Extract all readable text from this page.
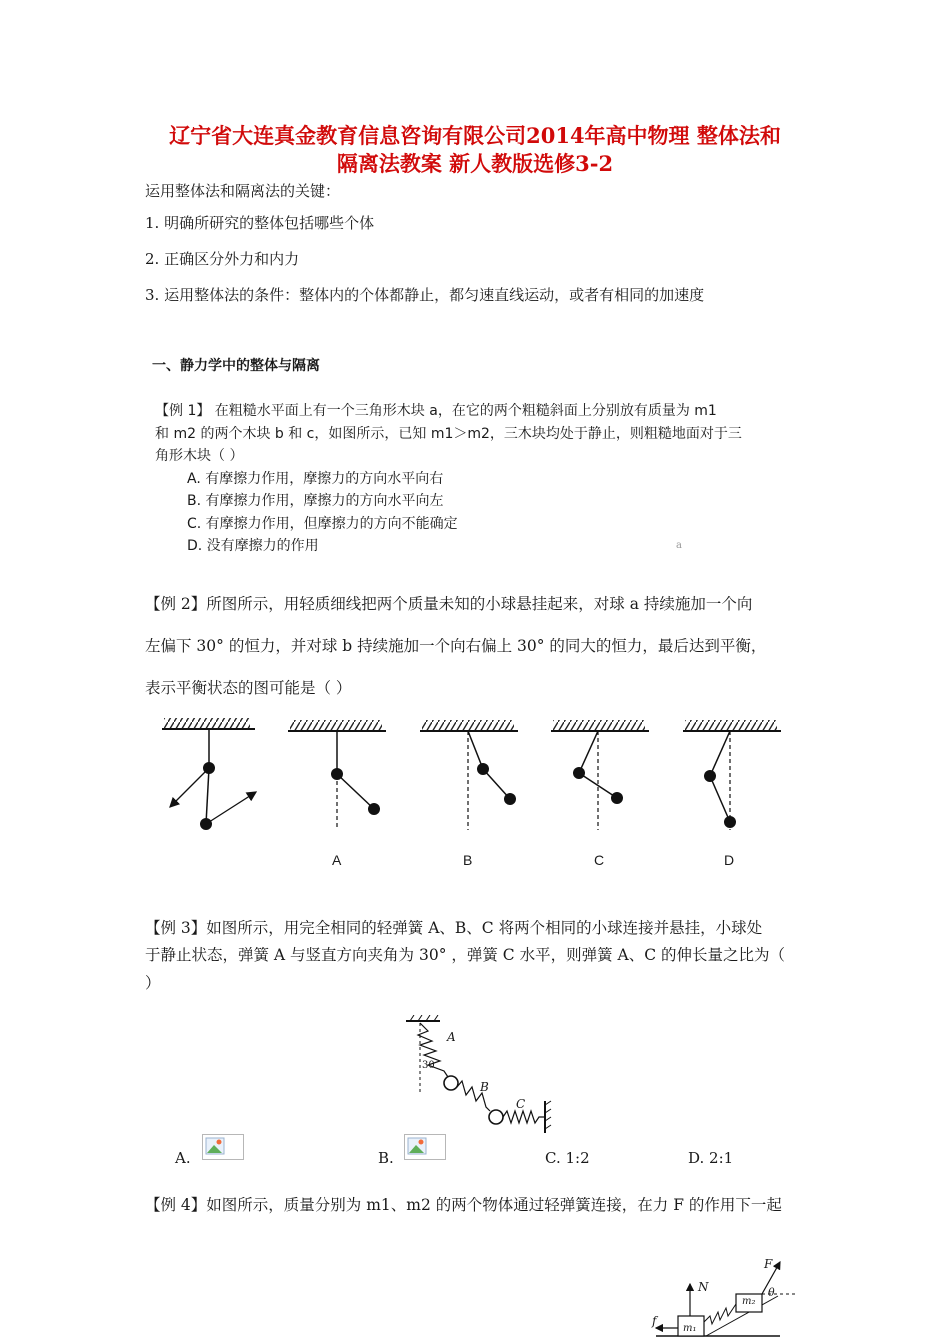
辽宁省大连真金教育信息咨询有限公司2014年高中物理 整体法和
隔离法教案 新人教版选修3-2
运用整体法和隔离法的关键：
1. 明确所研究的整体包括哪些个体
2. 正确区分外力和内力
3. 运用整体法的条件：整体内的个体都静止，都匀速直线运动，或者有相同的加速度
一、静力学中的整体与隔离
【例 1】 在粗糙水平面上有一个三角形木块 a，在它的两个粗糙斜面上分别放有质量为 m1
和 m2 的两个木块 b 和 c，如图所示，已知 m1＞m2，三木块均处于静止，则粗糙地面对于三
角形木块（ ）
A. 有摩擦力作用，摩擦力的方向水平向右
B. 有摩擦力作用，摩擦力的方向水平向左
C. 有摩擦力作用，但摩擦力的方向不能确定
D. 没有摩擦力的作用	a
【例 2】所图所示，用轻质细线把两个质量未知的小球悬挂起来，对球 a 持续施加一个向
左偏下 30° 的恒力，并对球 b 持续施加一个向右偏上 30° 的同大的恒力，最后达到平衡，
表示平衡状态的图可能是（ ）
A	B	C	D
【例 3】如图所示，用完全相同的轻弹簧 A、B、C 将两个相同的小球连接并悬挂，小球处
于静止状态，弹簧 A 与竖直方向夹角为 30° ，弹簧 C 水平，则弹簧 A、C 的伸长量之比为（
）
A
B
C
30
A.	B.	C. 1:2	D. 2:1
【例 4】如图所示，质量分别为 m1、m2 的两个物体通过轻弹簧连接，在力 F 的作用下一起
F
N	θ
m₁
m₂
f
